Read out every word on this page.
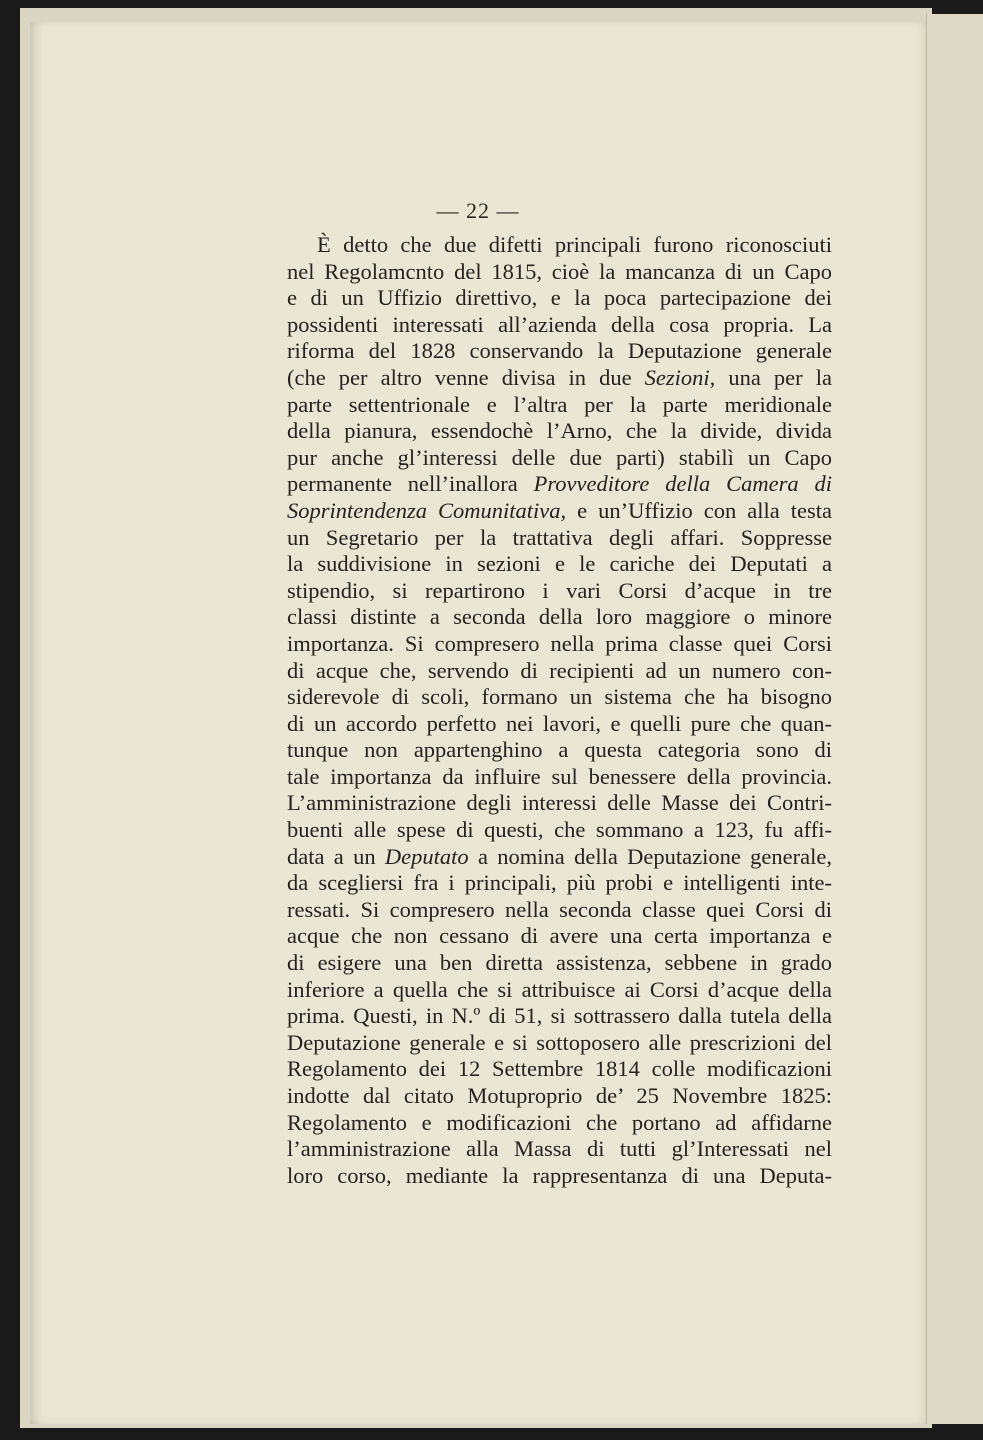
— 22 —
È detto che due difetti principali furono riconosciuti
nel Regolamcnto del 1815, cioè la mancanza di un Capo
e di un Uffizio direttivo, e la poca partecipazione dei
possidenti interessati all’azienda della cosa propria. La
riforma del 1828 conservando la Deputazione generale
(che per altro venne divisa in due Sezioni, una per la
parte settentrionale e l’altra per la parte meridionale
della pianura, essendochè l’Arno, che la divide, divida
pur anche gl’interessi delle due parti) stabilì un Capo
permanente nell’inallora Provveditore della Camera di
Soprintendenza Comunitativa, e un’Uffizio con alla testa
un Segretario per la trattativa degli affari. Soppresse
la suddivisione in sezioni e le cariche dei Deputati a
stipendio, si repartirono i vari Corsi d’acque in tre
classi distinte a seconda della loro maggiore o minore
importanza. Si compresero nella prima classe quei Corsi
di acque che, servendo di recipienti ad un numero con-
siderevole di scoli, formano un sistema che ha bisogno
di un accordo perfetto nei lavori, e quelli pure che quan-
tunque non appartenghino a questa categoria sono di
tale importanza da influire sul benessere della provincia.
L’amministrazione degli interessi delle Masse dei Contri-
buenti alle spese di questi, che sommano a 123, fu affi-
data a un Deputato a nomina della Deputazione generale,
da scegliersi fra i principali, più probi e intelligenti inte-
ressati. Si compresero nella seconda classe quei Corsi di
acque che non cessano di avere una certa importanza e
di esigere una ben diretta assistenza, sebbene in grado
inferiore a quella che si attribuisce ai Corsi d’acque della
prima. Questi, in N.º di 51, si sottrassero dalla tutela della
Deputazione generale e si sottoposero alle prescrizioni del
Regolamento dei 12 Settembre 1814 colle modificazioni
indotte dal citato Motuproprio de’ 25 Novembre 1825:
Regolamento e modificazioni che portano ad affidarne
l’amministrazione alla Massa di tutti gl’Interessati nel
loro corso, mediante la rappresentanza di una Deputa-
